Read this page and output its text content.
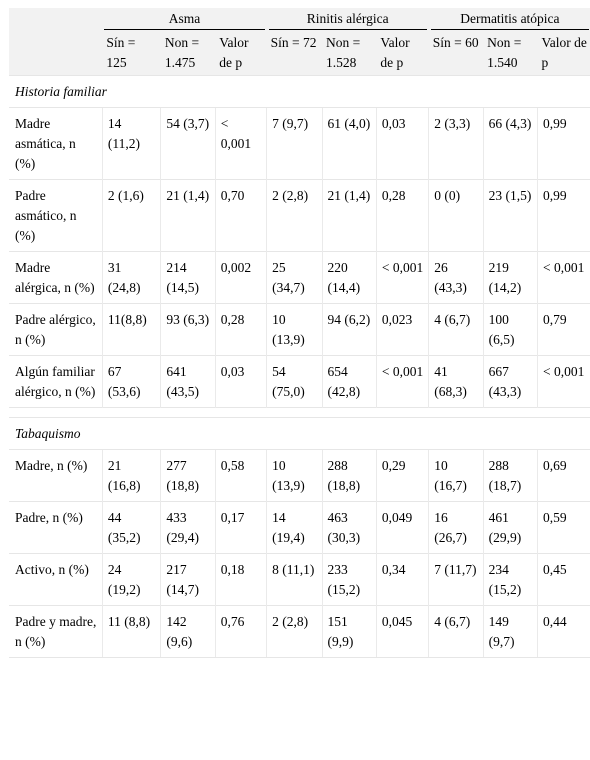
	Asma			Rinitis alérgica			Dermatitis atópica		

	Sín = 125	Non = 1.475	Valor de p	Sín = 72	Non = 1.528	Valor de p	Sín = 60	Non = 1.540	Valor de p
Historia familiar									
Madre asmática, n (%)	14 (11,2)	54 (3,7)	< 0,001	7 (9,7)	61 (4,0)	0,03	2 (3,3)	66 (4,3)	0,99
Padre asmático, n (%)	2 (1,6)	21 (1,4)	0,70	2 (2,8)	21 (1,4)	0,28	0 (0)	23 (1,5)	0,99
Madre alérgica, n (%)	31 (24,8)	214 (14,5)	0,002	25 (34,7)	220 (14,4)	< 0,001	26 (43,3)	219 (14,2)	< 0,001
Padre alérgico, n (%)	11(8,8)	93 (6,3)	0,28	10 (13,9)	94 (6,2)	0,023	4 (6,7)	100 (6,5)	0,79
Algún familiar alérgico, n (%)	67 (53,6)	641 (43,5)	0,03	54 (75,0)	654 (42,8)	< 0,001	41 (68,3)	667 (43,3)	< 0,001

Tabaquismo									
Madre, n (%)	21 (16,8)	277 (18,8)	0,58	10 (13,9)	288 (18,8)	0,29	10 (16,7)	288 (18,7)	0,69
Padre, n (%)	44 (35,2)	433 (29,4)	0,17	14 (19,4)	463 (30,3)	0,049	16 (26,7)	461 (29,9)	0,59
Activo, n (%)	24 (19,2)	217 (14,7)	0,18	8 (11,1)	233 (15,2)	0,34	7 (11,7)	234 (15,2)	0,45
Padre y madre, n (%)	11 (8,8)	142 (9,6)	0,76	2 (2,8)	151 (9,9)	0,045	4 (6,7)	149 (9,7)	0,44
